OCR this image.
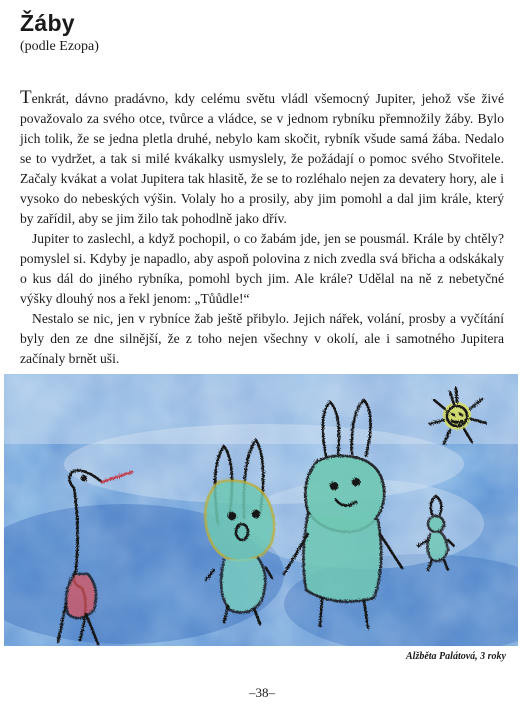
Žáby
(podle Ezopa)

Tenkrát, dávno pradávno, kdy celému světu vládl všemocný Jupiter, jehož vše živé považovalo za svého otce, tvůrce a vládce, se v jednom rybníku přemnožily žáby. Bylo jich tolik, že se jedna pletla druhé, nebylo kam skočit, rybník všude samá žába. Nedalo se to vydržet, a tak si milé kvákalky usmyslely, že požádají o pomoc svého Stvořitele. Začaly kvákat a volat Jupitera tak hlasitě, že se to rozléhalo nejen za devatery hory, ale i vysoko do nebeských výšin. Volaly ho a prosily, aby jim pomohl a dal jim krále, který by zařídil, aby se jim žilo tak pohodlně jako dřív.

Jupiter to zaslechl, a když pochopil, o co žabám jde, jen se pousmál. Krále by chtěly? pomyslel si. Kdyby je napadlo, aby aspoň polovina z nich zvedla svá břicha a odskákaly o kus dál do jiného rybníka, pomohl bych jim. Ale krále? Udělal na ně z nebetyčné výšky dlouhý nos a řekl jenom: „Tůůdle!“

Nestalo se nic, jen v rybníce žab ještě přibylo. Jejich nářek, volání, prosby a vyčítání byly den ze dne silnější, že z toho nejen všechny v okolí, ale i samotného Jupitera začínaly brnět uši.

Alžběta Palátová, 3 roky
–38–
